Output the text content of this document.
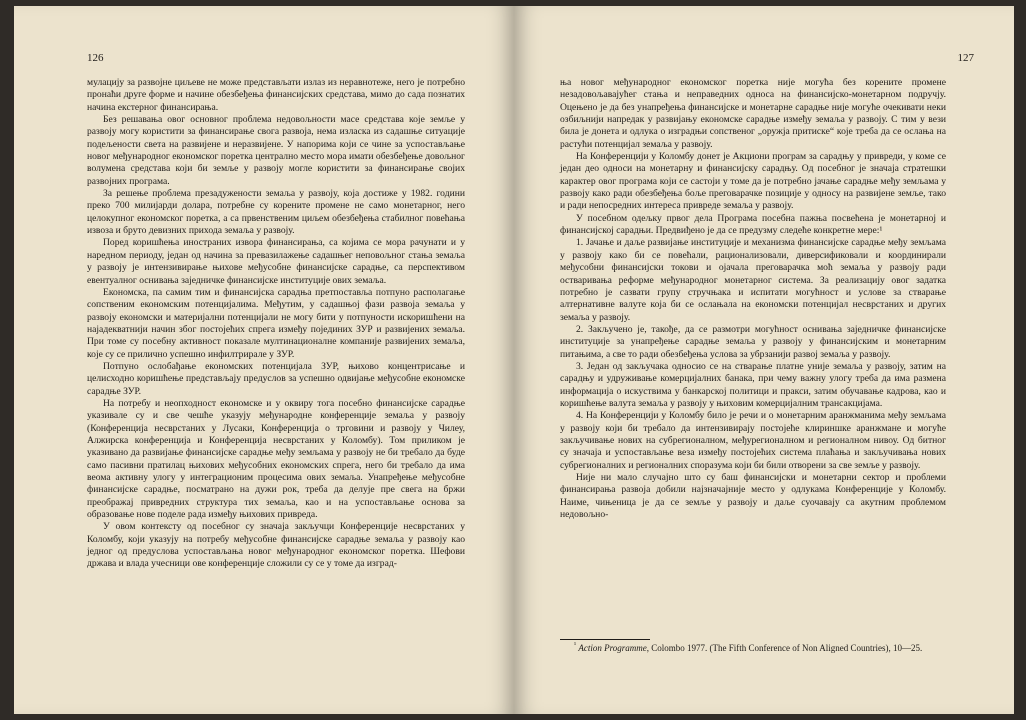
126

мулацију за развојне циљеве не може представљати излаз из неравнотеже, него је потребно пронаћи друге форме и начине обезбеђења финансијских средстава, мимо до сада познатих начина екстерног финансирања.

Без решавања овог основног проблема недовољности масе средстава које земље у развоју могу користити за финансирање свога развоја, нема изласка из садашње ситуације подељености света на развијене и неразвијене. У напорима који се чине за успостављање новог међународног економског поретка централно место мора имати обезбеђење довољног волумена средстава који би земље у развоју могле користити за финансирање својих развојних програма.

За решење проблема презадужености земаља у развоју, која достиже у 1982. години преко 700 милијарди долара, потребне су корените промене не само монетарног, него целокупног економског поретка, а са првенственим циљем обезбеђења стабилног повећања извоза и бруто девизних прихода земаља у развоју.

Поред коришћења иностраних извора финансирања, са којима се мора рачунати и у наредном периоду, један од начина за превазилажење садашњег неповољног стања земаља у развоју је интензивирање њихове међусобне финансијске сарадње, са перспективом евентуалног оснивања заједничке финансијске институције ових земаља.

Економска, па самим тим и финансијска сарадња претпоставља потпуно располагање сопственим економским потенцијалима. Међутим, у садашњој фази развоја земаља у развоју економски и материјални потенцијали не могу бити у потпуности искоришћени на најадекватнији начин због постојећих спрега између појединих ЗУР и развијених земаља. При томе су посебну активност показале мултинационалне компаније развијених земаља, које су се прилично успешно инфилтрирале у ЗУР.

Потпуно ослобађање економских потенцијала ЗУР, њихово концентрисање и целисходно коришћење представљају предуслов за успешно одвијање међусобне економске сарадње ЗУР.

На потребу и неопходност економске и у оквиру тога посебно финансијске сарадње указивале су и све чешће указују међународне конференције земаља у развоју (Конференција несврстаних у Лусаки, Конференција о трговини и развоју у Чилеу, Алжирска конференција и Конференција несврстаних у Коломбу). Том приликом је указивано да развијање финансијске сарадње међу земљама у развоју не би требало да буде само пасивни пратилац њихових међусобних економских спрега, него би требало да има веома активну улогу у интеграционим процесима ових земаља. Унапређење међусобне финансијске сарадње, посматрано на дужи рок, треба да делује пре свега на бржи преображај привредних структура тих земаља, као и на успостављање основа за образовање нове поделе рада између њихових привреда.

У овом контексту од посебног су значаја закључци Конференције несврстаних у Коломбу, који указују на потребу међусобне финансијске сарадње земаља у развоју као једног од предуслова успостављања новог међународног економског поретка. Шефови држава и влада учесници ове конференције сложили су се у томе да изград-

127

ња новог међународног економског поретка није могућа без корените промене незадовољавајућег стања и неправедних односа на финансијско-монетарном подручју. Оцењено је да без унапређења финансијске и монетарне сарадње није могуће очекивати неки озбиљнији напредак у развијању економске сарадње између земаља у развоју. С тим у вези била је донета и одлука о изградњи сопственог „оружја притиске“ које треба да се ослања на растући потенцијал земаља у развоју.

На Конференцији у Коломбу донет је Акциони програм за сарадњу у привреди, у коме се један део односи на монетарну и финансијску сарадњу. Од посебног је значаја стратешки карактер овог програма који се састоји у томе да је потребно јачање сарадње међу земљама у развоју како ради обезбеђења боље преговарачке позиције у односу на развијене земље, тако и ради непосредних интереса привреде земаља у развоју.

У посебном одељку првог дела Програма посебна пажња посвећена је монетарној и финансијској сарадњи. Предвиђено је да се предузму следеће конкретне мере:¹

1. Јачање и даље развијање институције и механизма финансијске сарадње међу земљама у развоју како би се повећали, рационализовали, диверсификовали и координирали међусобни финансијски токови и ојачала преговарачка моћ земаља у развоју ради остваривања реформе међународног монетарног система. За реализацију овог задатка потребно је сазвати групу стручњака и испитати могућност и услове за стварање алтернативне валуте која би се ослањала на економски потенцијал несврстаних и других земаља у развоју.

2. Закључено је, такође, да се размотри могућност оснивања заједничке финансијске институције за унапређење сарадње земаља у развоју у финансијским и монетарним питањима, а све то ради обезбеђења услова за убрзанији развој земаља у развоју.

3. Један од закључака односио се на стварање платне уније земаља у развоју, затим на сарадњу и удруживање комерцијалних банака, при чему важну улогу треба да има размена информација о искуствима у банкарској политици и пракси, затим обучавање кадрова, као и коришћење валута земаља у развоју у њиховим комерцијалним трансакцијама.

4. На Конференцији у Коломбу било је речи и о монетарним аранжманима међу земљама у развоју који би требало да интензивирају постојеће клириншке аранжмане и могуће закључивање нових на субрегионалном, међурегионалном и регионалном нивоу. Од битног су значаја и успостављање веза између постојећих система плаћања и закључивања нових субрегионалних и регионалних споразума који би били отворени за све земље у развоју.

Није ни мало случајно што су баш финансијски и монетарни сектор и проблеми финансирања развоја добили најзначајније место у одлукама Конференције у Коломбу. Наиме, чињеница је да се земље у развоју и даље суочавају са акутним проблемом недовољно-

$^{^1}$ Action Programme, Colombo 1977. (The Fifth Conference of Non Aligned Countries), 10—25.
